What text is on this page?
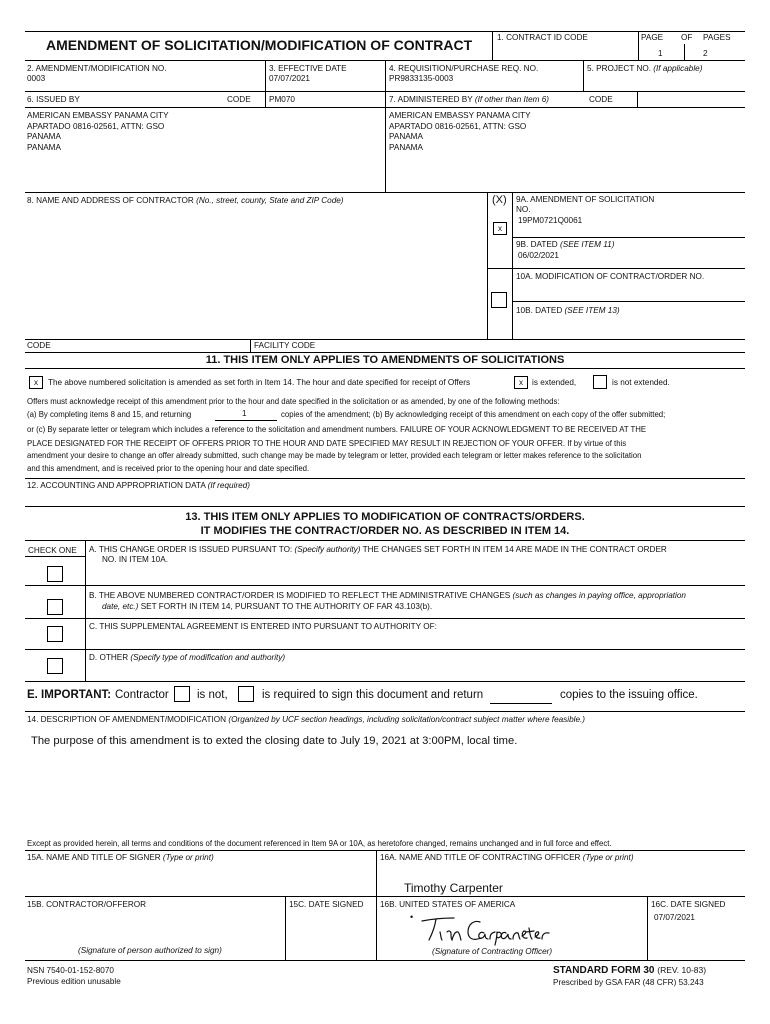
AMENDMENT OF SOLICITATION/MODIFICATION OF CONTRACT	1. CONTRACT ID CODE	PAGE OF PAGES
1	2
2. AMENDMENT/MODIFICATION NO.
0003
3. EFFECTIVE DATE
07/07/2021
4. REQUISITION/PURCHASE REQ. NO.
PR9833135-0003
5. PROJECT NO. (If applicable)
6. ISSUED BY	CODE PM070
AMERICAN EMBASSY PANAMA CITY
APARTADO 0816-02561, ATTN: GSO
PANAMA
PANAMA
7. ADMINISTERED BY (If other than Item 6)	CODE
AMERICAN EMBASSY PANAMA CITY
APARTADO 0816-02561, ATTN: GSO
PANAMA
PANAMA
8. NAME AND ADDRESS OF CONTRACTOR (No., street, county, State and ZIP Code)	(X)
x
9A. AMENDMENT OF SOLICITATION
NO.
19PM0721Q0061
9B. DATED (SEE ITEM 11)
06/02/2021
10A. MODIFICATION OF CONTRACT/ORDER NO.
10B. DATED (SEE ITEM 13)
CODE	FACILITY CODE
11. THIS ITEM ONLY APPLIES TO AMENDMENTS OF SOLICITATIONS
x	The above numbered solicitation is amended as set forth in Item 14. The hour and date specified for receipt of Offers	x	is extended,	is not extended.
Offers must acknowledge receipt of this amendment prior to the hour and date specified in the solicitation or as amended, by one of the following methods:
(a) By completing items 8 and 15, and returning	1	copies of the amendment; (b) By acknowledging receipt of this amendment on each copy of the offer submitted;
or (c) By separate letter or telegram which includes a reference to the solicitation and amendment numbers. FAILURE OF YOUR ACKNOWLEDGMENT TO BE RECEIVED AT THE
PLACE DESIGNATED FOR THE RECEIPT OF OFFERS PRIOR TO THE HOUR AND DATE SPECIFIED MAY RESULT IN REJECTION OF YOUR OFFER. If by virtue of this
amendment your desire to change an offer already submitted, such change may be made by telegram or letter, provided each telegram or letter makes reference to the solicitation
and this amendment, and is received prior to the opening hour and date specified.
12. ACCOUNTING AND APPROPRIATION DATA (If required)
13. THIS ITEM ONLY APPLIES TO MODIFICATION OF CONTRACTS/ORDERS.
IT MODIFIES THE CONTRACT/ORDER NO. AS DESCRIBED IN ITEM 14.
CHECK ONE A. THIS CHANGE ORDER IS ISSUED PURSUANT TO: (Specify authority) THE CHANGES SET FORTH IN ITEM 14 ARE MADE IN THE CONTRACT ORDER
NO. IN ITEM 10A.
B. THE ABOVE NUMBERED CONTRACT/ORDER IS MODIFIED TO REFLECT THE ADMINISTRATIVE CHANGES (such as changes in paying office, appropriation
date, etc.) SET FORTH IN ITEM 14, PURSUANT TO THE AUTHORITY OF FAR 43.103(b).
C. THIS SUPPLEMENTAL AGREEMENT IS ENTERED INTO PURSUANT TO AUTHORITY OF:
D. OTHER (Specify type of modification and authority)
E. IMPORTANT: Contractor is not,	is required to sign this document and return	copies to the issuing office.
14. DESCRIPTION OF AMENDMENT/MODIFICATION (Organized by UCF section headings, including solicitation/contract subject matter where feasible.)
The purpose of this amendment is to exted the closing date to July 19, 2021 at 3:00PM, local time.
Except as provided herein, all terms and conditions of the document referenced in Item 9A or 10A, as heretofore changed, remains unchanged and in full force and effect.
15A. NAME AND TITLE OF SIGNER (Type or print)	16A. NAME AND TITLE OF CONTRACTING OFFICER (Type or print)
Timothy Carpenter
15B. CONTRACTOR/OFFEROR	15C. DATE SIGNED 16B. UNITED STATES OF AMERICA	16C. DATE SIGNED
07/07/2021
•
(Signature of person authorized to sign)	(Signature of Contracting Officer)
NSN 7540-01-152-8070
Previous edition unusable
STANDARD FORM 30 (REV. 10-83)
Prescribed by GSA FAR (48 CFR) 53.243
